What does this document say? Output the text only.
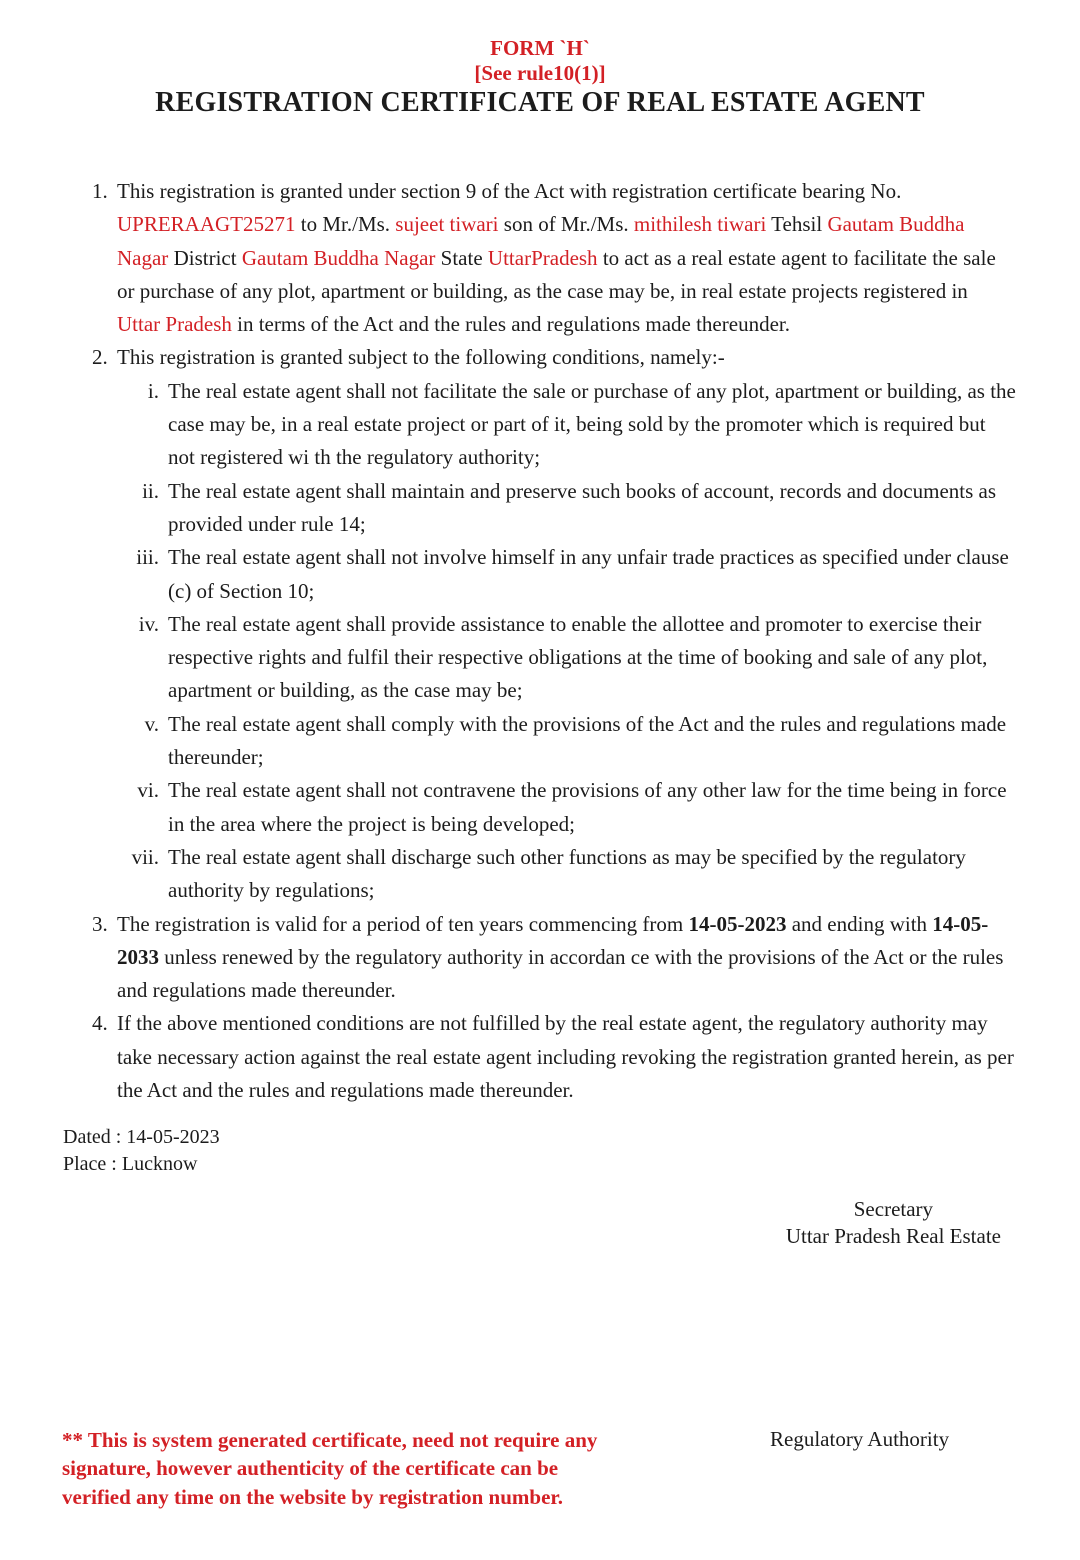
FORM `H`
[See rule10(1)]
REGISTRATION CERTIFICATE OF REAL ESTATE AGENT
1. This registration is granted under section 9 of the Act with registration certificate bearing No. UPRERAAGT25271 to Mr./Ms. sujeet tiwari son of Mr./Ms. mithilesh tiwari Tehsil Gautam Buddha Nagar District Gautam Buddha Nagar State UttarPradesh to act as a real estate agent to facilitate the sale or purchase of any plot, apartment or building, as the case may be, in real estate projects registered in Uttar Pradesh in terms of the Act and the rules and regulations made thereunder.
2. This registration is granted subject to the following conditions, namely:-
i. The real estate agent shall not facilitate the sale or purchase of any plot, apartment or building, as the case may be, in a real estate project or part of it, being sold by the promoter which is required but not registered wi th the regulatory authority;
ii. The real estate agent shall maintain and preserve such books of account, records and documents as provided under rule 14;
iii. The real estate agent shall not involve himself in any unfair trade practices as specified under clause (c) of Section 10;
iv. The real estate agent shall provide assistance to enable the allottee and promoter to exercise their respective rights and fulfil their respective obligations at the time of booking and sale of any plot, apartment or building, as the case may be;
v. The real estate agent shall comply with the provisions of the Act and the rules and regulations made thereunder;
vi. The real estate agent shall not contravene the provisions of any other law for the time being in force in the area where the project is being developed;
vii. The real estate agent shall discharge such other functions as may be specified by the regulatory authority by regulations;
3. The registration is valid for a period of ten years commencing from 14-05-2023 and ending with 14-05-2033 unless renewed by the regulatory authority in accordan ce with the provisions of the Act or the rules and regulations made thereunder.
4. If the above mentioned conditions are not fulfilled by the real estate agent, the regulatory authority may take necessary action against the real estate agent including revoking the registration granted herein, as per the Act and the rules and regulations made thereunder.
Dated : 14-05-2023
Place : Lucknow
Secretary
Uttar Pradesh Real Estate
** This is system generated certificate, need not require any
signature, however authenticity of the certificate can be
verified any time on the website by registration number.
Regulatory Authority
